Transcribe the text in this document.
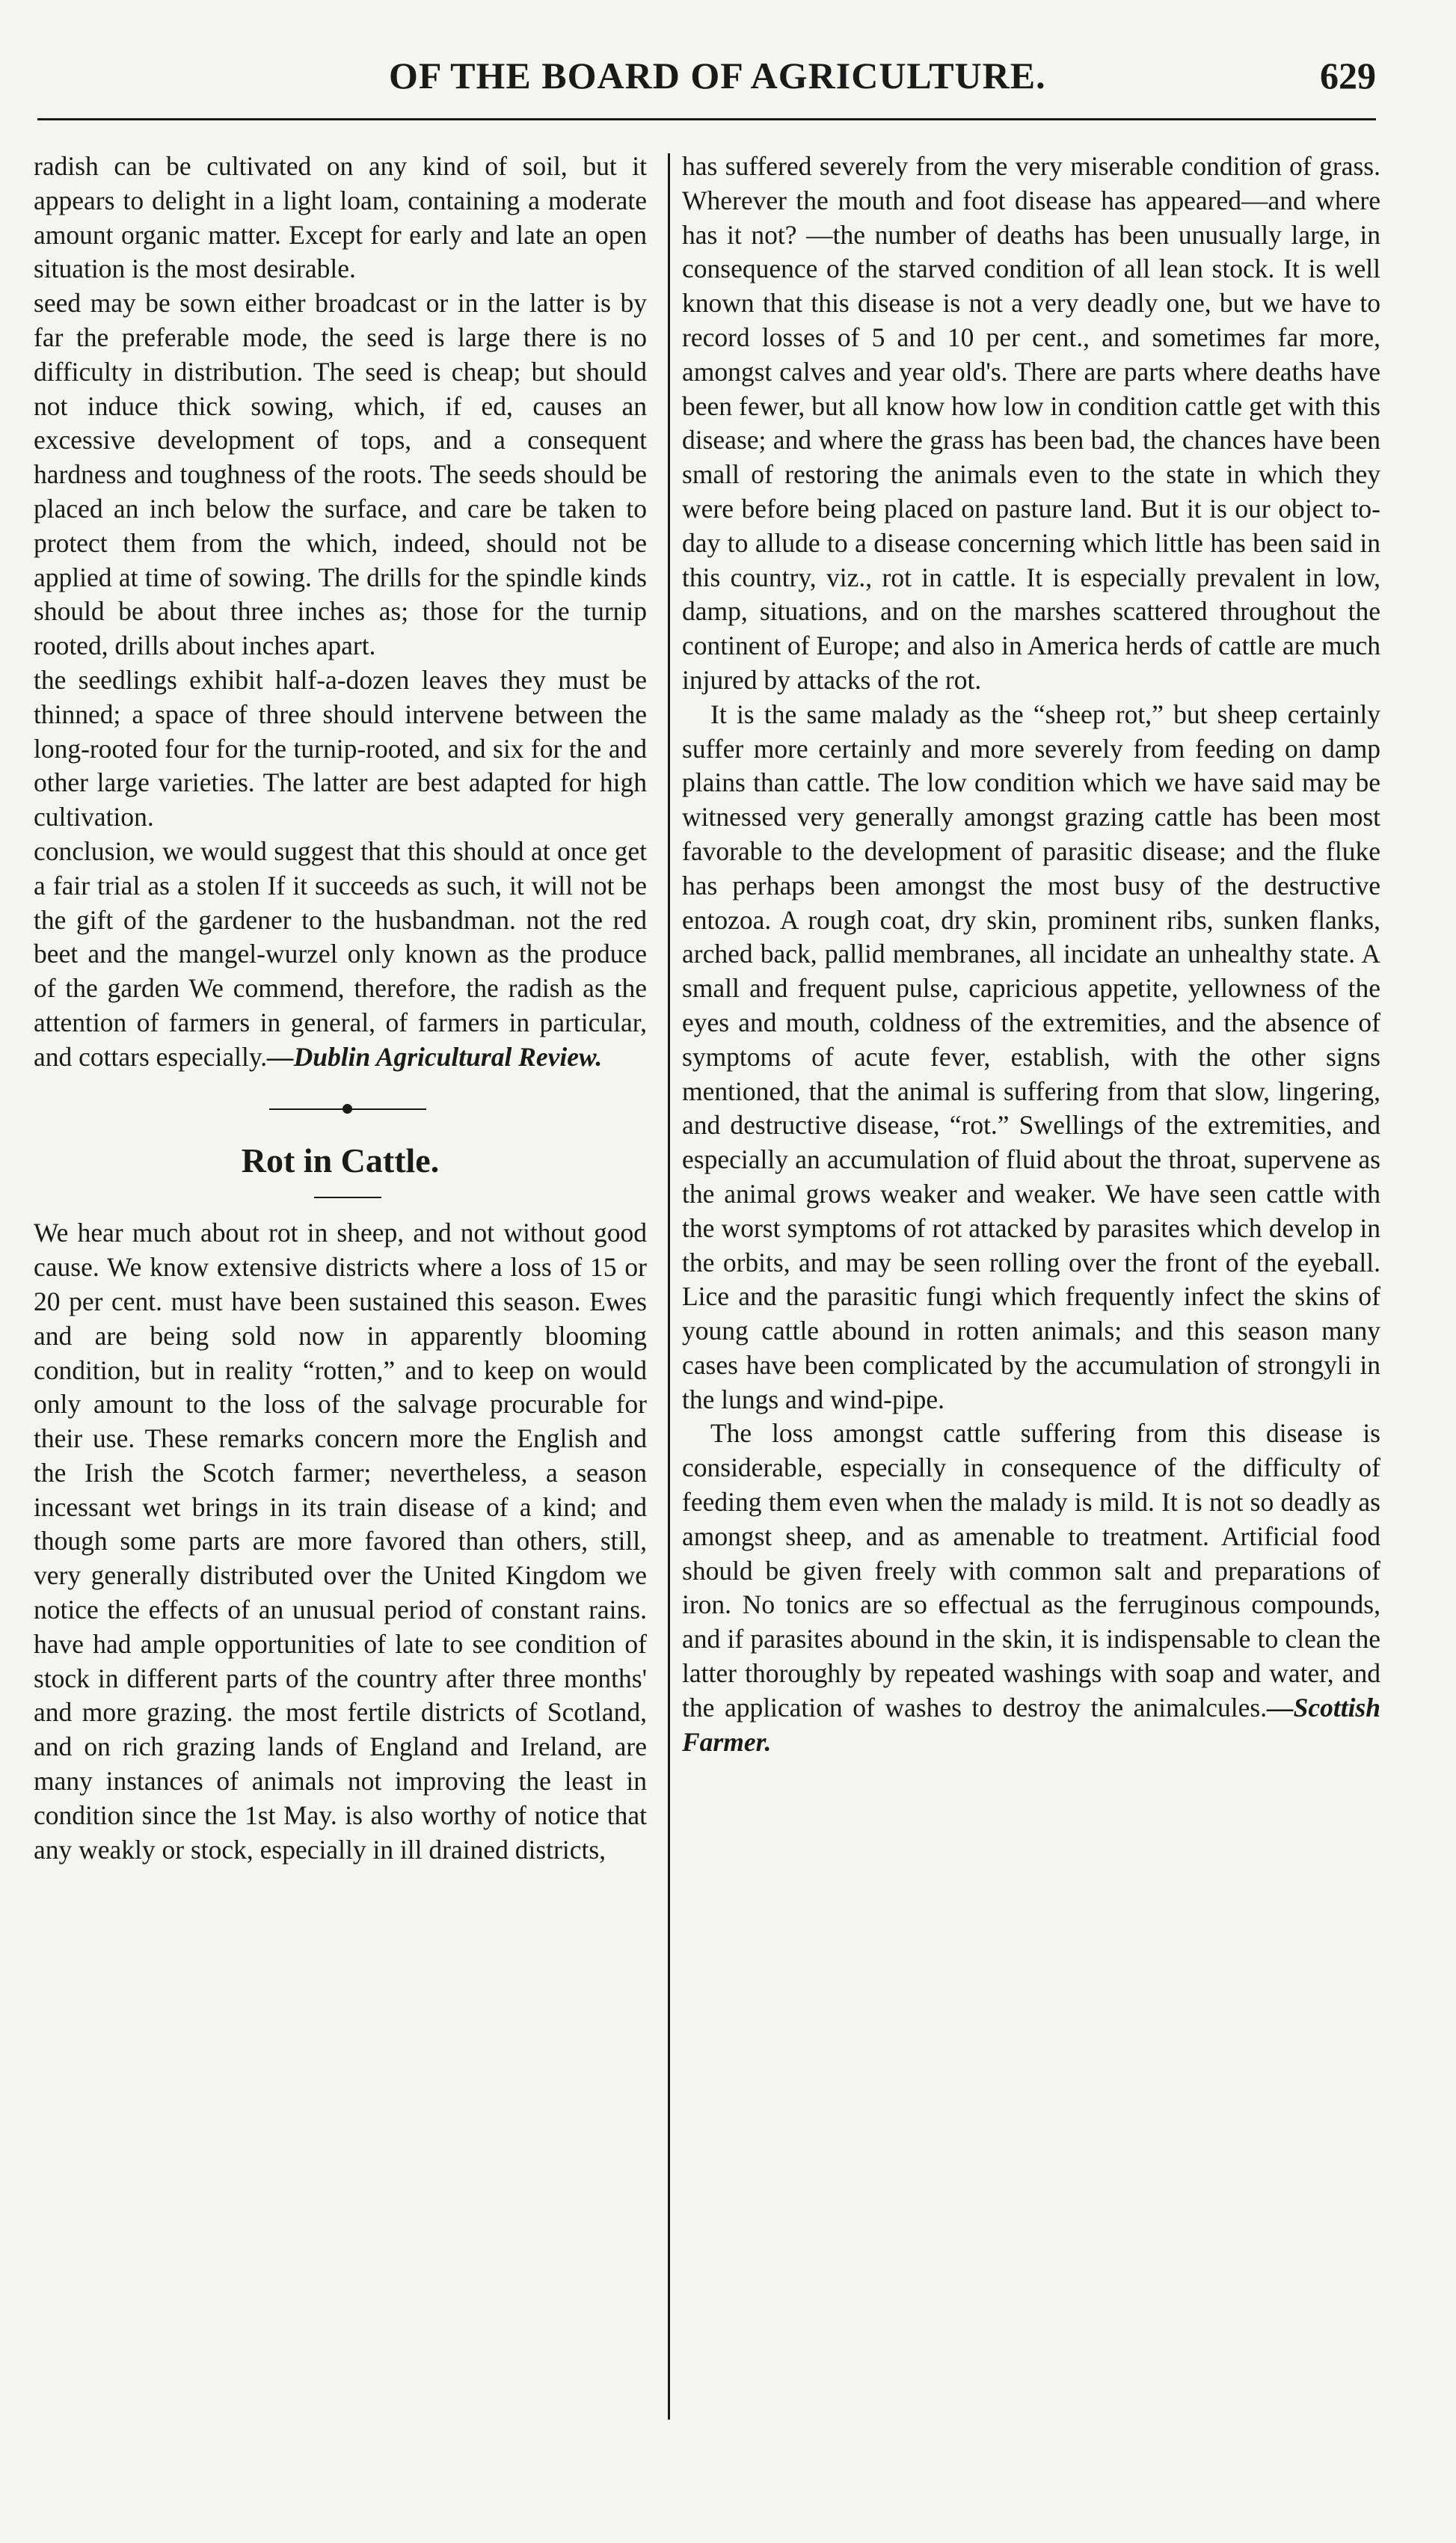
OF THE BOARD OF AGRICULTURE.	629

radish can be cultivated on any kind of soil, but it appears to delight in a light loam, containing a moderate amount organic matter. Except for early and late an open situation is the most desirable.

seed may be sown either broadcast or in the latter is by far the preferable mode, the seed is large there is no difficulty in distribution. The seed is cheap; but should not induce thick sowing, which, if ed, causes an excessive development of tops, and a consequent hardness and toughness of the roots. The seeds should be placed an inch below the surface, and care be taken to protect them from the which, indeed, should not be applied at time of sowing. The drills for the spindle kinds should be about three inches as; those for the turnip rooted, drills about inches apart.

the seedlings exhibit half-a-dozen leaves they must be thinned; a space of three should intervene between the long-rooted four for the turnip-rooted, and six for the and other large varieties. The latter are best adapted for high cultivation.

conclusion, we would suggest that this should at once get a fair trial as a stolen If it succeeds as such, it will not be the gift of the gardener to the husbandman. not the red beet and the mangel-wurzel only known as the produce of the garden We commend, therefore, the radish as the attention of farmers in general, of farmers in particular, and cottars especially.—Dublin Agricultural Review.

Rot in Cattle.

We hear much about rot in sheep, and not without good cause. We know extensive districts where a loss of 15 or 20 per cent. must have been sustained this season. Ewes and are being sold now in apparently blooming condition, but in reality “rotten,” and to keep on would only amount to the loss of the salvage procurable for their use. These remarks concern more the English and the Irish the Scotch farmer; nevertheless, a season incessant wet brings in its train disease of a kind; and though some parts are more favored than others, still, very generally distributed over the United Kingdom we notice the effects of an unusual period of constant rains. have had ample opportunities of late to see condition of stock in different parts of the country after three months' and more grazing. the most fertile districts of Scotland, and on rich grazing lands of England and Ireland, are many instances of animals not improving the least in condition since the 1st May. is also worthy of notice that any weakly or stock, especially in ill drained districts,

has suffered severely from the very miserable condition of grass. Wherever the mouth and foot disease has appeared—and where has it not? —the number of deaths has been unusually large, in consequence of the starved condition of all lean stock. It is well known that this disease is not a very deadly one, but we have to record losses of 5 and 10 per cent., and sometimes far more, amongst calves and year old's. There are parts where deaths have been fewer, but all know how low in condition cattle get with this disease; and where the grass has been bad, the chances have been small of restoring the animals even to the state in which they were before being placed on pasture land. But it is our object to-day to allude to a disease concerning which little has been said in this country, viz., rot in cattle. It is especially prevalent in low, damp, situations, and on the marshes scattered throughout the continent of Europe; and also in America herds of cattle are much injured by attacks of the rot.

It is the same malady as the “sheep rot,” but sheep certainly suffer more certainly and more severely from feeding on damp plains than cattle. The low condition which we have said may be witnessed very generally amongst grazing cattle has been most favorable to the development of parasitic disease; and the fluke has perhaps been amongst the most busy of the destructive entozoa. A rough coat, dry skin, prominent ribs, sunken flanks, arched back, pallid membranes, all incidate an unhealthy state. A small and frequent pulse, capricious appetite, yellowness of the eyes and mouth, coldness of the extremities, and the absence of symptoms of acute fever, establish, with the other signs mentioned, that the animal is suffering from that slow, lingering, and destructive disease, “rot.” Swellings of the extremities, and especially an accumulation of fluid about the throat, supervene as the animal grows weaker and weaker. We have seen cattle with the worst symptoms of rot attacked by parasites which develop in the orbits, and may be seen rolling over the front of the eyeball. Lice and the parasitic fungi which frequently infect the skins of young cattle abound in rotten animals; and this season many cases have been complicated by the accumulation of strongyli in the lungs and wind-pipe.

The loss amongst cattle suffering from this disease is considerable, especially in consequence of the difficulty of feeding them even when the malady is mild. It is not so deadly as amongst sheep, and as amenable to treatment. Artificial food should be given freely with common salt and preparations of iron. No tonics are so effectual as the ferruginous compounds, and if parasites abound in the skin, it is indispensable to clean the latter thoroughly by repeated washings with soap and water, and the application of washes to destroy the animalcules.—Scottish Farmer.
